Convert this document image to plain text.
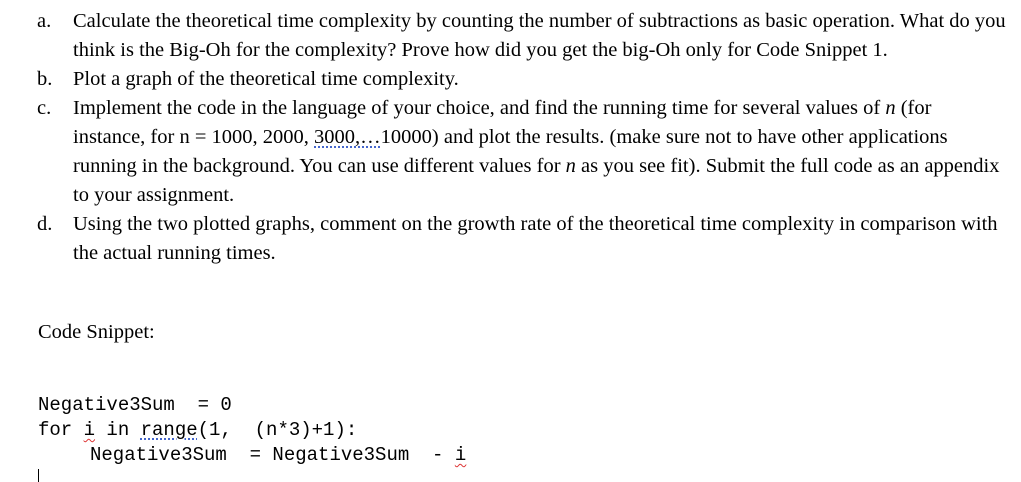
a. Calculate the theoretical time complexity by counting the number of subtractions as basic operation. What do you think is the Big-Oh for the complexity? Prove how did you get the big-Oh only for Code Snippet 1.
b. Plot a graph of the theoretical time complexity.
c. Implement the code in the language of your choice, and find the running time for several values of n (for instance, for n = 1000, 2000, 3000,…10000) and plot the results. (make sure not to have other applications running in the background. You can use different values for n as you see fit). Submit the full code as an appendix to your assignment.
d. Using the two plotted graphs, comment on the growth rate of the theoretical time complexity in comparison with the actual running times.
Code Snippet:
Negative3Sum  = 0
for i in range(1,  (n*3)+1):
Negative3Sum  = Negative3Sum  - i
